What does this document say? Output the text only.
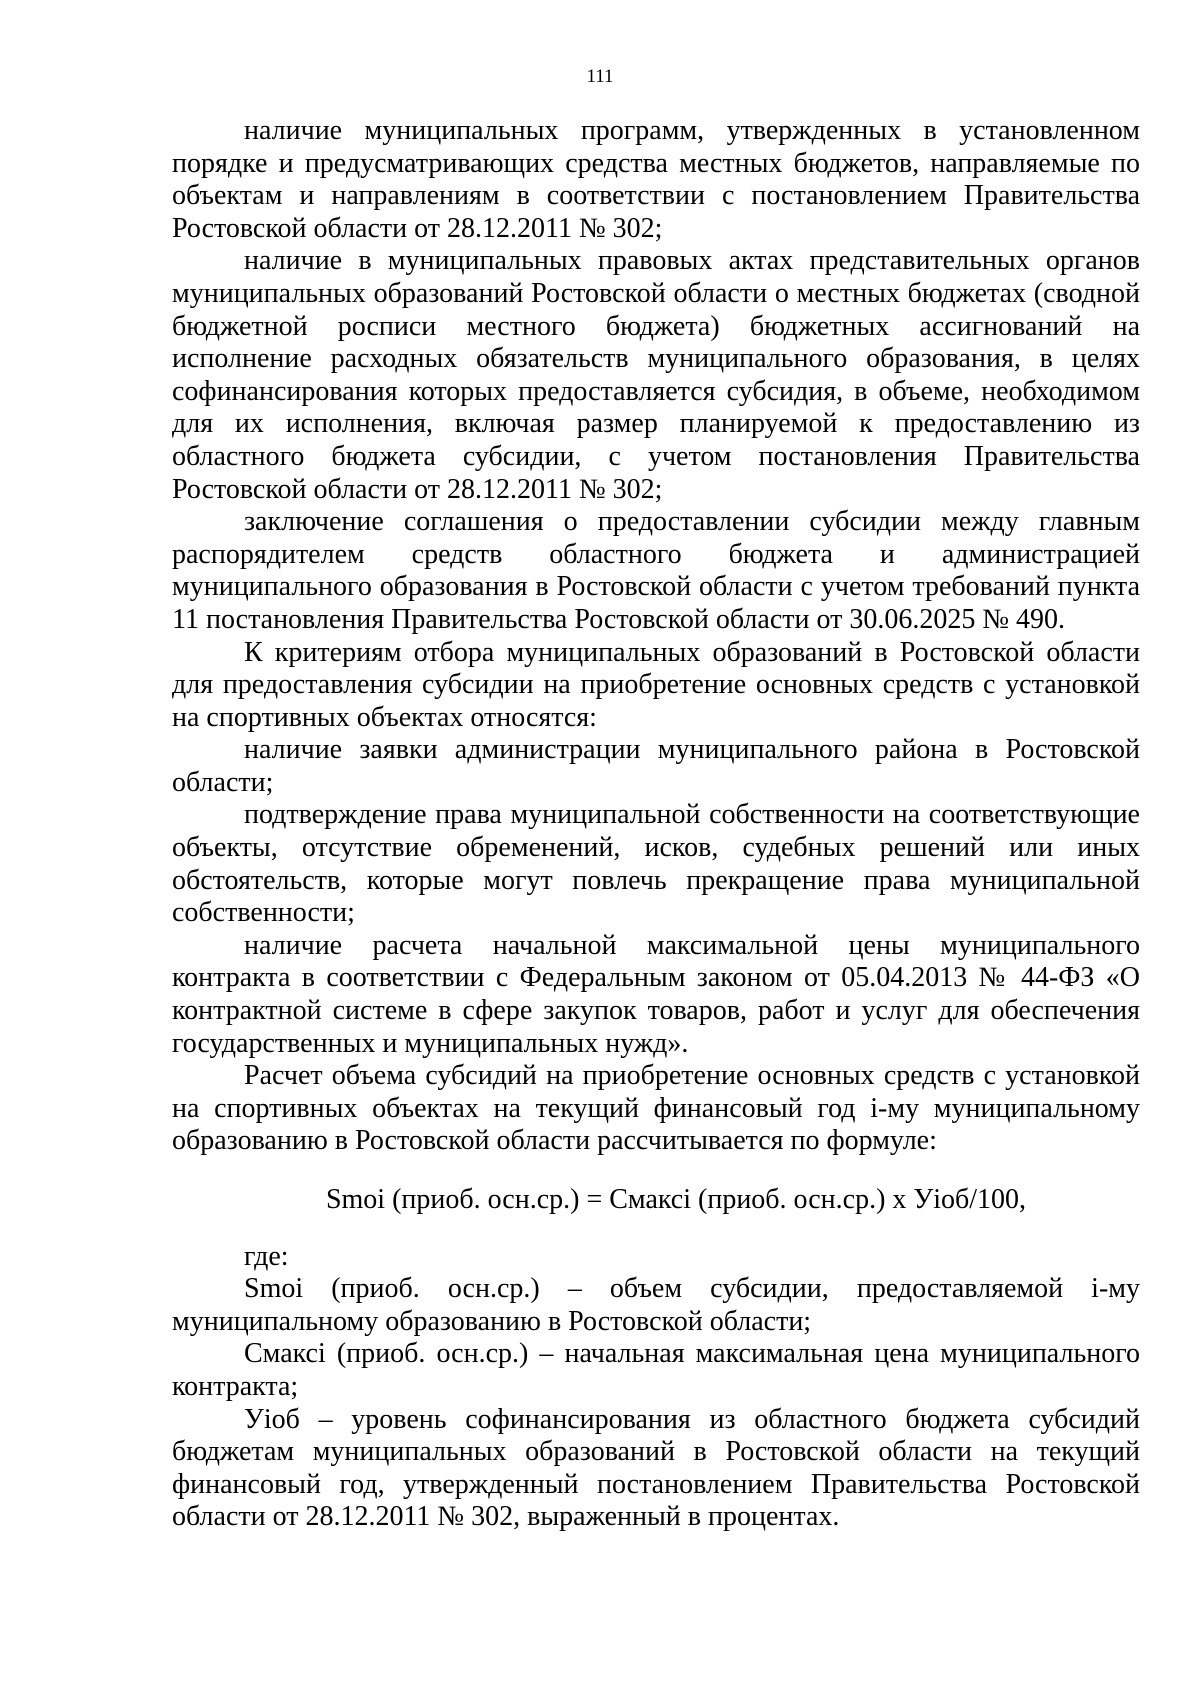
111

наличие муниципальных программ, утвержденных в установленном порядке и предусматривающих средства местных бюджетов, направляемые по объектам и направлениям в соответствии с постановлением Правительства Ростовской области от 28.12.2011 № 302;

наличие в муниципальных правовых актах представительных органов муниципальных образований Ростовской области о местных бюджетах (сводной бюджетной росписи местного бюджета) бюджетных ассигнований на исполнение расходных обязательств муниципального образования, в целях софинансирования которых предоставляется субсидия, в объеме, необходимом для их исполнения, включая размер планируемой к предоставлению из областного бюджета субсидии, с учетом постановления Правительства Ростовской области от 28.12.2011 № 302;

заключение соглашения о предоставлении субсидии между главным распорядителем средств областного бюджета и администрацией муниципального образования в Ростовской области с учетом требований пункта 11 постановления Правительства Ростовской области от 30.06.2025 № 490.

К критериям отбора муниципальных образований в Ростовской области для предоставления субсидии на приобретение основных средств с установкой на спортивных объектах относятся:

наличие заявки администрации муниципального района в Ростовской области;

подтверждение права муниципальной собственности на соответствующие объекты, отсутствие обременений, исков, судебных решений или иных обстоятельств, которые могут повлечь прекращение права муниципальной собственности;

наличие расчета начальной максимальной цены муниципального контракта в соответствии с Федеральным законом от 05.04.2013 № 44-ФЗ «О контрактной системе в сфере закупок товаров, работ и услуг для обеспечения государственных и муниципальных нужд».

Расчет объема субсидий на приобретение основных средств с установкой на спортивных объектах на текущий финансовый год i-му муниципальному образованию в Ростовской области рассчитывается по формуле:

Smoi (приоб. осн.ср.) = Смаксi (приоб. осн.ср.) х Уioб/100,

где:

Smoi (приоб. осн.ср.) – объем субсидии, предоставляемой i-му муниципальному образованию в Ростовской области;

Смаксi (приоб. осн.ср.) – начальная максимальная цена муниципального контракта;

Уioб – уровень софинансирования из областного бюджета субсидий бюджетам муниципальных образований в Ростовской области на текущий финансовый год, утвержденный постановлением Правительства Ростовской области от 28.12.2011 № 302, выраженный в процентах.
